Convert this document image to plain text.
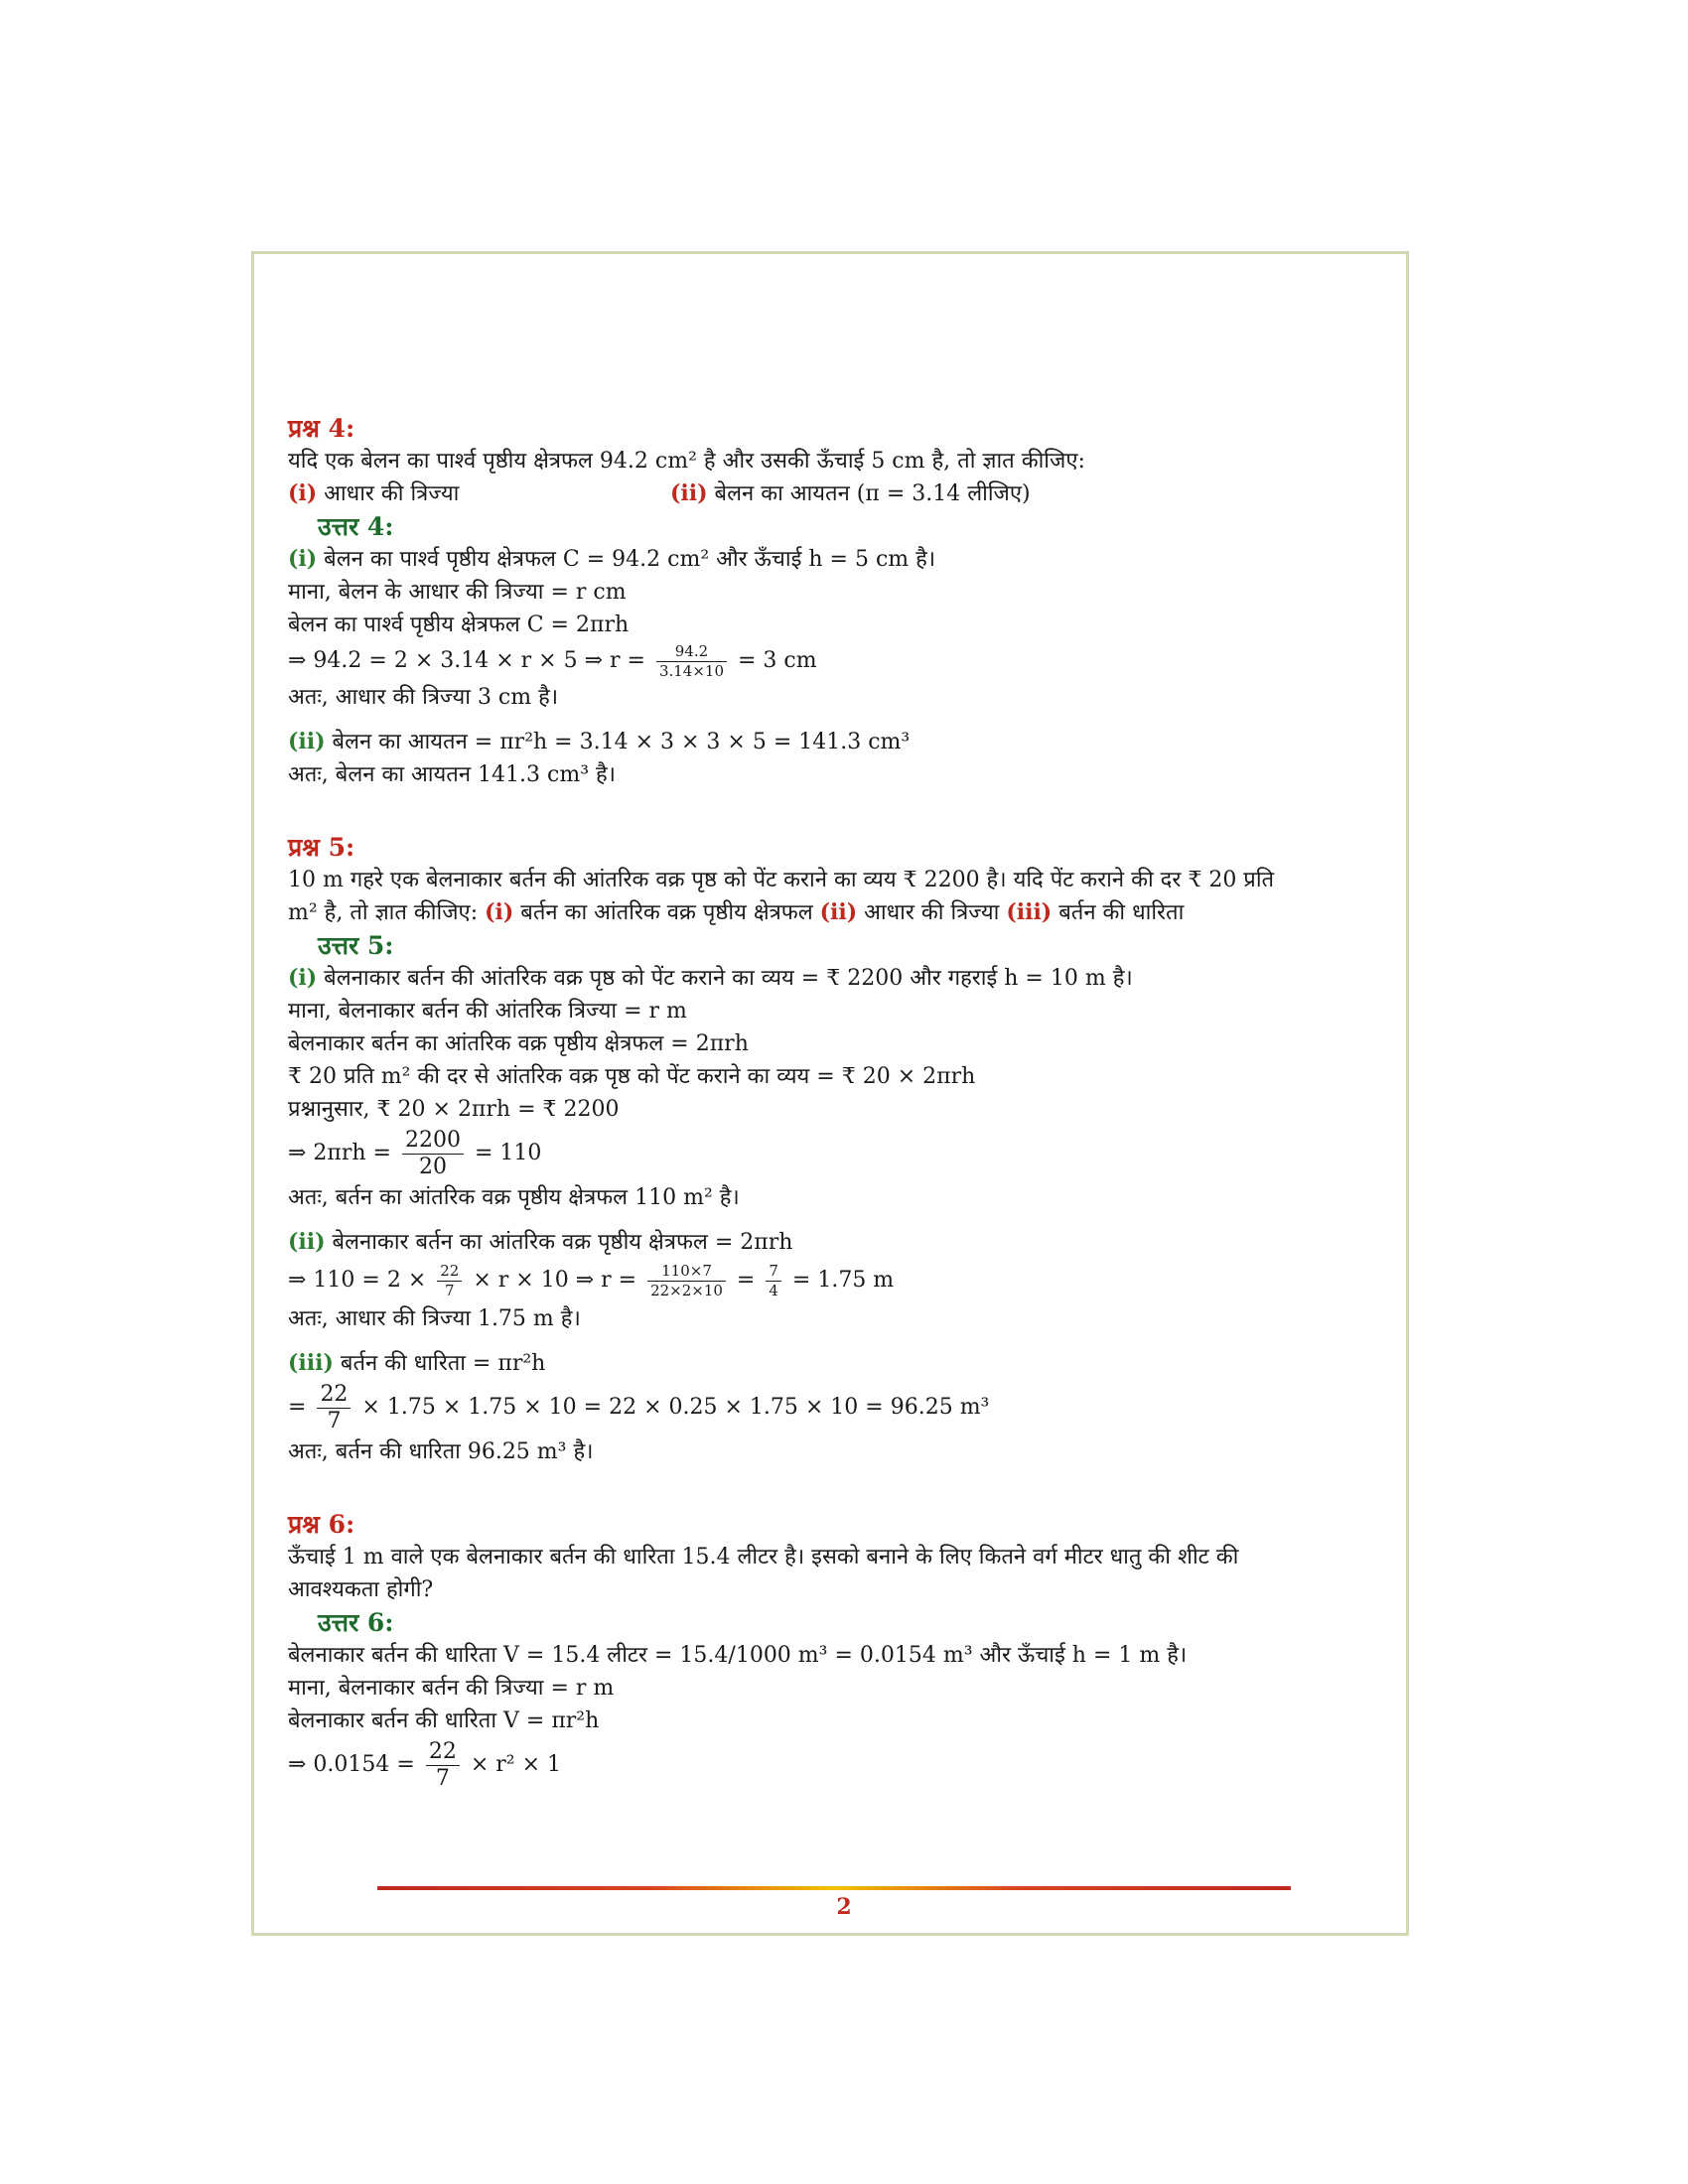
प्रश्न 4:
यदि एक बेलन का पार्श्व पृष्ठीय क्षेत्रफल 94.2 cm² है और उसकी ऊँचाई 5 cm है, तो ज्ञात कीजिए:
(i) आधार की त्रिज्या	(ii) बेलन का आयतन (π = 3.14 लीजिए)
उत्तर 4:
(i) बेलन का पार्श्व पृष्ठीय क्षेत्रफल C = 94.2 cm² और ऊँचाई h = 5 cm है।
माना, बेलन के आधार की त्रिज्या = r cm
बेलन का पार्श्व पृष्ठीय क्षेत्रफल C = 2πrh
⇒ 94.2 = 2 × 3.14 × r × 5 ⇒ $r = \frac{94.2}{3.14\times 10} = 3$ cm
अतः, आधार की त्रिज्या 3 cm है।
(ii) बेलन का आयतन = πr²h = 3.14 × 3 × 3 × 5 = 141.3 cm³
अतः, बेलन का आयतन 141.3 cm³ है।
प्रश्न 5:
10 m गहरे एक बेलनाकार बर्तन की आंतरिक वक्र पृष्ठ को पेंट कराने का व्यय ₹ 2200 है। यदि पेंट कराने की दर ₹ 20 प्रति
m² है, तो ज्ञात कीजिए: (i) बर्तन का आंतरिक वक्र पृष्ठीय क्षेत्रफल (ii) आधार की त्रिज्या (iii) बर्तन की धारिता
उत्तर 5:
(i) बेलनाकार बर्तन की आंतरिक वक्र पृष्ठ को पेंट कराने का व्यय = ₹ 2200 और गहराई h = 10 m है।
माना, बेलनाकार बर्तन की आंतरिक त्रिज्या = r m
बेलनाकार बर्तन का आंतरिक वक्र पृष्ठीय क्षेत्रफल = 2πrh
₹ 20 प्रति m² की दर से आंतरिक वक्र पृष्ठ को पेंट कराने का व्यय = ₹ 20 × 2πrh
प्रश्नानुसार, ₹ 20 × 2πrh = ₹ 2200
⇒ $2\pi rh = \frac{2200}{20} = 110$
अतः, बर्तन का आंतरिक वक्र पृष्ठीय क्षेत्रफल 110 m² है।
(ii) बेलनाकार बर्तन का आंतरिक वक्र पृष्ठीय क्षेत्रफल = 2πrh
⇒ $110 = 2 \times \frac{22}{7} \times r \times 10$ ⇒ $r = \frac{110\times 7}{22\times 2\times 10} = \frac{7}{4} = 1.75$ m
अतः, आधार की त्रिज्या 1.75 m है।
(iii) बर्तन की धारिता = πr²h
= $\frac{22}{7} \times 1.75 \times 1.75 \times 10 = 22 \times 0.25 \times 1.75 \times 10 = 96.25$ m³
अतः, बर्तन की धारिता 96.25 m³ है।
प्रश्न 6:
ऊँचाई 1 m वाले एक बेलनाकार बर्तन की धारिता 15.4 लीटर है। इसको बनाने के लिए कितने वर्ग मीटर धातु की शीट की
आवश्यकता होगी?
उत्तर 6:
बेलनाकार बर्तन की धारिता V = 15.4 लीटर = 15.4/1000 m³ = 0.0154 m³ और ऊँचाई h = 1 m है।
माना, बेलनाकार बर्तन की त्रिज्या = r m
बेलनाकार बर्तन की धारिता V = πr²h
⇒ $0.0154 = \frac{22}{7} \times r^2 \times 1$
2
